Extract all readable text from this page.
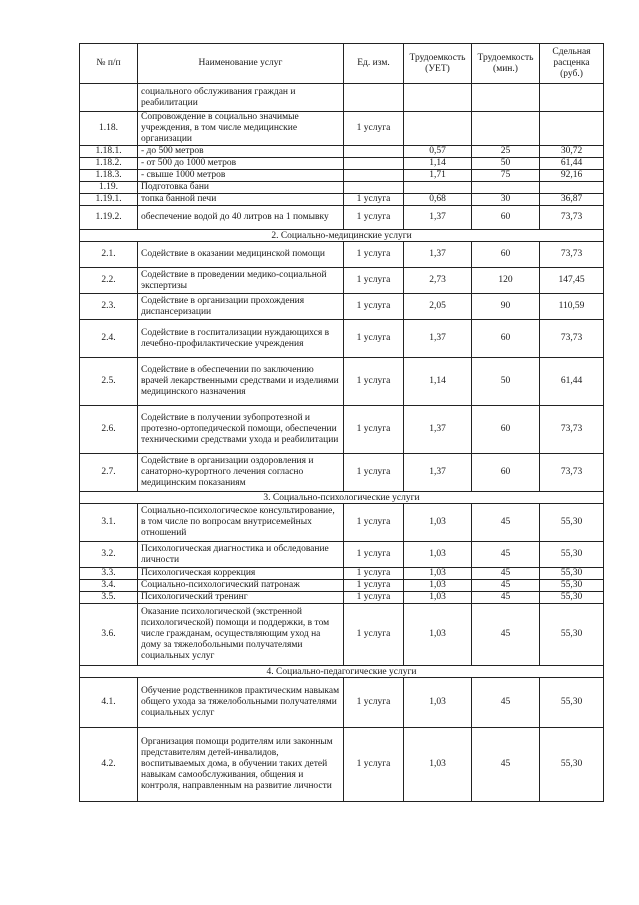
№ п/п	Наименование услуг	Ед. изм.	Трудоемкость (УЕТ)	Трудоемкость (мин.)	Сдельная расценка (руб.)
	социального обслуживания граждан и реабилитации				
1.18.	Сопровождение в социально значимые учреждения, в том числе медицинские организации	1 услуга			
1.18.1.	- до 500 метров		0,57	25	30,72
1.18.2.	- от 500 до 1000 метров		1,14	50	61,44
1.18.3.	- свыше 1000 метров		1,71	75	92,16
1.19.	Подготовка бани				
1.19.1.	топка банной печи	1 услуга	0,68	30	36,87
1.19.2.	обеспечение водой до 40 литров на 1 помывку	1 услуга	1,37	60	73,73
2. Социально-медицинские услуги					
2.1.	Содействие в оказании медицинской помощи	1 услуга	1,37	60	73,73
2.2.	Содействие в проведении медико-социальной экспертизы	1 услуга	2,73	120	147,45
2.3.	Содействие в организации прохождения диспансеризации	1 услуга	2,05	90	110,59
2.4.	Содействие в госпитализации нуждающихся в лечебно-профилактические учреждения	1 услуга	1,37	60	73,73
2.5.	Содействие в обеспечении по заключению врачей лекарственными средствами и изделиями медицинского назначения	1 услуга	1,14	50	61,44
2.6.	Содействие в получении зубопротезной и протезно-ортопедической помощи, обеспечении техническими средствами ухода и реабилитации	1 услуга	1,37	60	73,73
2.7.	Содействие в организации оздоровления и санаторно-курортного лечения согласно медицинским показаниям	1 услуга	1,37	60	73,73
3. Социально-психологические услуги					
3.1.	Социально-психологическое консультирование, в том числе по вопросам внутрисемейных отношений	1 услуга	1,03	45	55,30
3.2.	Психологическая диагностика и обследование личности	1 услуга	1,03	45	55,30
3.3.	Психологическая коррекция	1 услуга	1,03	45	55,30
3.4.	Социально-психологический патронаж	1 услуга	1,03	45	55,30
3.5.	Психологический тренинг	1 услуга	1,03	45	55,30
3.6.	Оказание психологической (экстренной психологической) помощи и поддержки, в том числе гражданам, осуществляющим уход на дому за тяжелобольными получателями социальных услуг	1 услуга	1,03	45	55,30
4. Социально-педагогические услуги					
4.1.	Обучение родственников практическим навыкам общего ухода за тяжелобольными получателями социальных услуг	1 услуга	1,03	45	55,30
4.2.	Организация помощи родителям или законным представителям детей-инвалидов, воспитываемых дома, в обучении таких детей навыкам самообслуживания, общения и контроля, направленным на развитие личности	1 услуга	1,03	45	55,30
